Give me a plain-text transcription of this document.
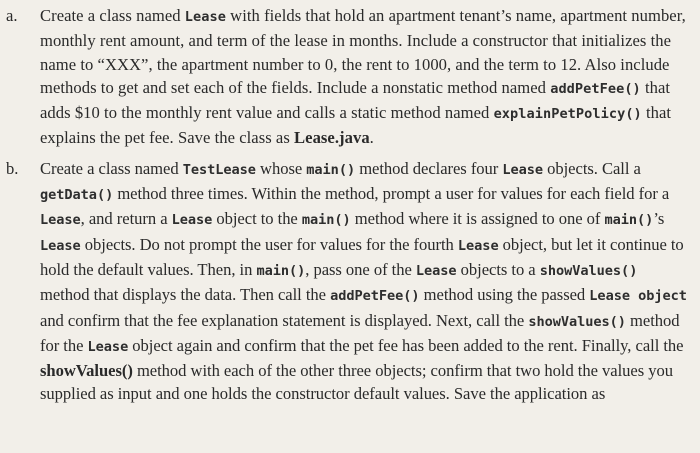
a.	Create a class named Lease with fields that hold an apartment tenant’s name, apartment number, monthly rent amount, and term of the lease in months. Include a constructor that initializes the name to “XXX”, the apartment number to 0, the rent to 1000, and the term to 12. Also include methods to get and set each of the fields. Include a nonstatic method named addPetFee() that adds $10 to the monthly rent value and calls a static method named explainPetPolicy() that explains the pet fee. Save the class as Lease.java.
b.	Create a class named TestLease whose main() method declares four Lease objects. Call a getData() method three times. Within the method, prompt a user for values for each field for a Lease, and return a Lease object to the main() method where it is assigned to one of main()’s Lease objects. Do not prompt the user for values for the fourth Lease object, but let it continue to hold the default values. Then, in main(), pass one of the Lease objects to a showValues() method that displays the data. Then call the addPetFee() method using the passed Lease object and confirm that the fee explanation statement is displayed. Next, call the showValues() method for the Lease object again and confirm that the pet fee has been added to the rent. Finally, call the showValues() method with each of the other three objects; confirm that two hold the values you supplied as input and one holds the constructor default values. Save the application as
